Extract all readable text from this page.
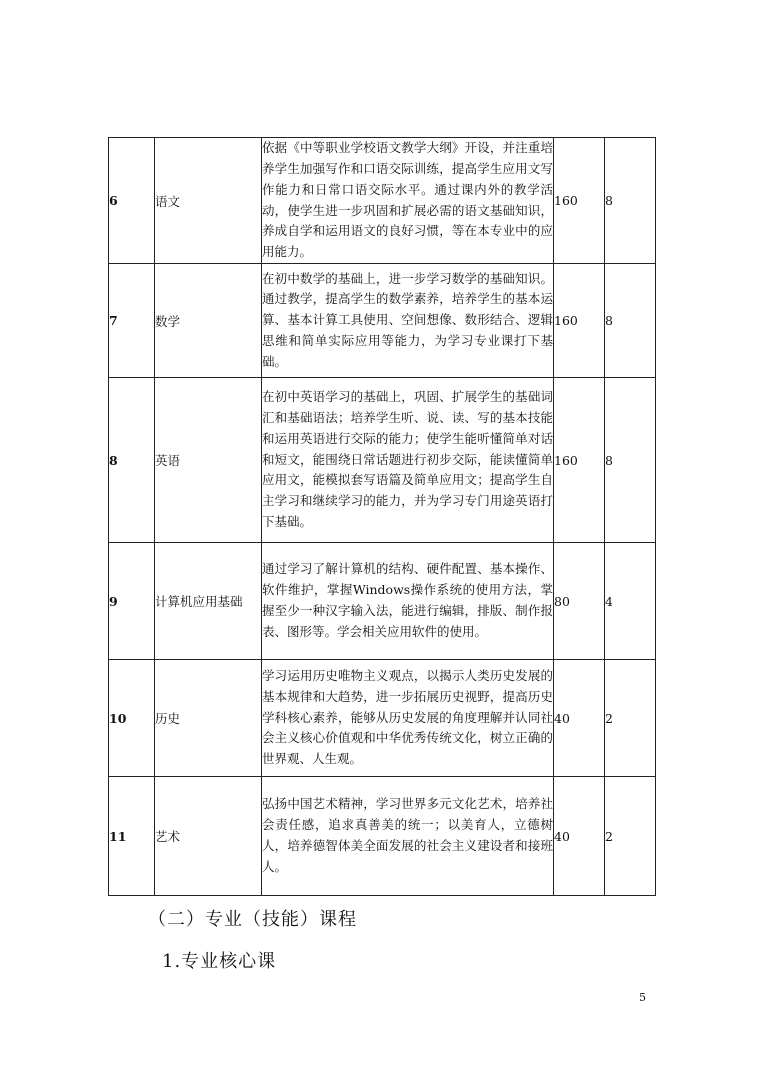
6	语文	依据《中等职业学校语文教学大纲》开设，并注重培养学生加强写作和口语交际训练，提高学生应用文写作能力和日常口语交际水平。通过课内外的教学活动，使学生进一步巩固和扩展必需的语文基础知识，养成自学和运用语文的良好习惯，等在本专业中的应用能力。	160	8
7	数学	在初中数学的基础上，进一步学习数学的基础知识。通过教学，提高学生的数学素养，培养学生的基本运算、基本计算工具使用、空间想像、数形结合、逻辑思维和简单实际应用等能力，为学习专业课打下基础。	160	8
8	英语	在初中英语学习的基础上，巩固、扩展学生的基础词汇和基础语法；培养学生听、说、读、写的基本技能和运用英语进行交际的能力；使学生能听懂简单对话和短文，能围绕日常话题进行初步交际，能读懂简单应用文，能模拟套写语篇及简单应用文；提高学生自主学习和继续学习的能力，并为学习专门用途英语打下基础。	160	8
9	计算机应用基础	通过学习了解计算机的结构、硬件配置、基本操作、软件维护，掌握Windows操作系统的使用方法，掌握至少一种汉字输入法，能进行编辑，排版、制作报表、图形等。学会相关应用软件的使用。	80	4
10	历史	学习运用历史唯物主义观点，以揭示人类历史发展的基本规律和大趋势，进一步拓展历史视野，提高历史学科核心素养，能够从历史发展的角度理解并认同社会主义核心价值观和中华优秀传统文化，树立正确的世界观、人生观。	40	2
11	艺术	弘扬中国艺术精神，学习世界多元文化艺术，培养社会责任感，追求真善美的统一；以美育人，立德树人，培养德智体美全面发展的社会主义建设者和接班人。	40	2
（二）专业（技能）课程
1.专业核心课
5
